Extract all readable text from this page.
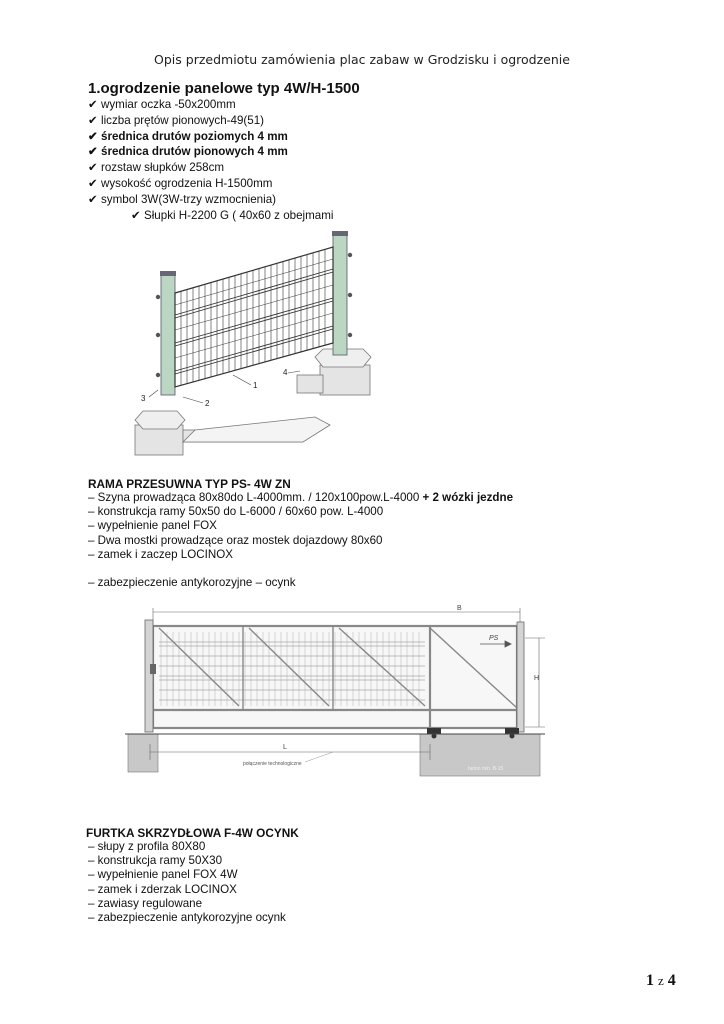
Opis przedmiotu zamówienia plac zabaw w Grodzisku i ogrodzenie
1.ogrodzenie panelowe typ 4W/H-1500
✔ wymiar oczka -50x200mm
✔ liczba prętów pionowych-49(51)
✔ średnica drutów poziomych 4 mm
✔ średnica drutów pionowych 4 mm
✔ rozstaw słupków 258cm
✔ wysokość ogrodzenia H-1500mm
✔ symbol 3W(3W-trzy wzmocnienia)
✔ Słupki H-2200 G ( 40x60 z obejmami
1
2
3
4
RAMA PRZESUWNA TYP PS- 4W ZN
– Szyna prowadząca 80x80do L-4000mm. / 120x100pow.L-4000 + 2 wózki jezdne
– konstrukcja ramy 50x50 do L-6000 / 60x60 pow. L-4000
– wypełnienie panel FOX
– Dwa mostki prowadzące oraz mostek dojazdowy 80x60
– zamek i zaczep LOCINOX
– zabezpieczenie antykorozyjne – ocynk
B
H
PS
L
połączenie technologiczne
beton min. B-15
FURTKA SKRZYDŁOWA F-4W OCYNK
– słupy z profila 80X80
– konstrukcja ramy 50X30
– wypełnienie panel FOX 4W
– zamek i zderzak LOCINOX
– zawiasy regulowane
– zabezpieczenie antykorozyjne ocynk
1 z 4
